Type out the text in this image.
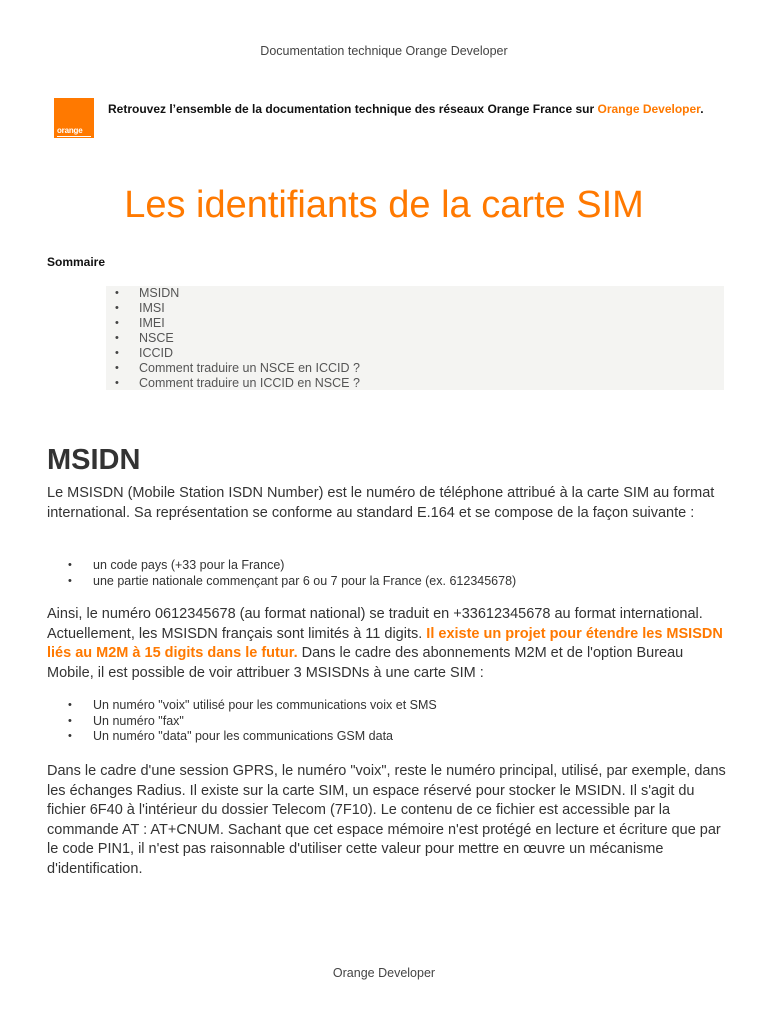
Documentation technique Orange Developer
orange
Retrouvez l’ensemble de la documentation technique des réseaux Orange France sur Orange Developer.
Les identifiants de la carte SIM
Sommaire
• MSIDN
• IMSI
• IMEI
• NSCE
• ICCID
• Comment traduire un NSCE en ICCID ?
• Comment traduire un ICCID en NSCE ?
MSIDN

Le MSISDN (Mobile Station ISDN Number) est le numéro de téléphone attribué à la carte SIM au format international. Sa représentation se conforme au standard E.164 et se compose de la façon suivante :

• un code pays (+33 pour la France)
• une partie nationale commençant par 6 ou 7 pour la France (ex. 612345678)

Ainsi, le numéro 0612345678 (au format national) se traduit en +33612345678 au format international. Actuellement, les MSISDN français sont limités à 11 digits. Il existe un projet pour étendre les MSISDN liés au M2M à 15 digits dans le futur. Dans le cadre des abonnements M2M et de l'option Bureau Mobile, il est possible de voir attribuer 3 MSISDNs à une carte SIM :

• Un numéro "voix" utilisé pour les communications voix et SMS
• Un numéro "fax"
• Un numéro "data" pour les communications GSM data

Dans le cadre d'une session GPRS, le numéro "voix", reste le numéro principal, utilisé, par exemple, dans les échanges Radius. Il existe sur la carte SIM, un espace réservé pour stocker le MSIDN. Il s'agit du fichier 6F40 à l'intérieur du dossier Telecom (7F10). Le contenu de ce fichier est accessible par la commande AT : AT+CNUM. Sachant que cet espace mémoire n'est protégé en lecture et écriture que par le code PIN1, il n'est pas raisonnable d'utiliser cette valeur pour mettre en œuvre un mécanisme d'identification.

Orange Developer
